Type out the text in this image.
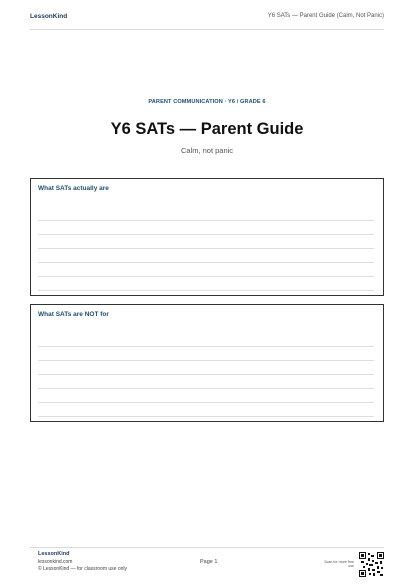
LessonKind	Y6 SATs — Parent Guide (Calm, Not Panic)
PARENT COMMUNICATION · Y6 / GRADE 6
Y6 SATs — Parent Guide
Calm, not panic
What SATs actually are
What SATs are NOT for
LessonKind
lessonkind.com
© LessonKind — for classroom use only
Page 1	Scan for more free use
